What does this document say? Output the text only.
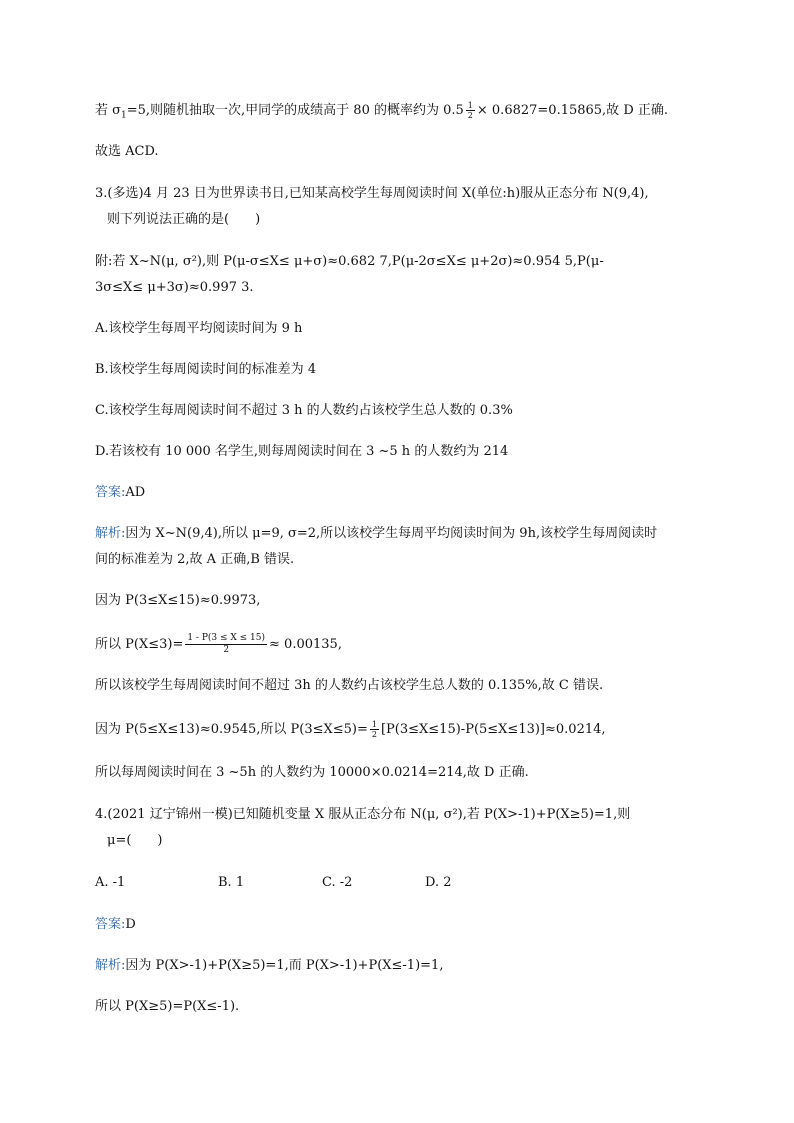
若 $\sigma_1=5$,则随机抽取一次,甲同学的成绩高于 80 的概率约为 $0.5 \frac{1}{2} \times 0.6827=0.15865$,故 D 正确.
故选 ACD.
3.(多选)4 月 23 日为世界读书日,已知某高校学生每周阅读时间 X(单位:h)服从正态分布 N(9,4),
则下列说法正确的是(　　)
附:若 X~N(μ, σ²),则 P(μ-σ≤X≤ μ+σ)≈0.682 7,P(μ-2σ≤X≤ μ+2σ)≈0.954 5,P(μ-
3σ≤X≤ μ+3σ)≈0.997 3.
A.该校学生每周平均阅读时间为 9 h
B.该校学生每周阅读时间的标准差为 4
C.该校学生每周阅读时间不超过 3 h 的人数约占该校学生总人数的 0.3%
D.若该校有 10 000 名学生,则每周阅读时间在 3 ~5 h 的人数约为 214
答案:AD
解析:因为 X~N(9,4),所以 μ=9, σ=2,所以该校学生每周平均阅读时间为 9h,该校学生每周阅读时
间的标准差为 2,故 A 正确,B 错误.
因为 P(3≤X≤15)≈0.9973,
所以 $P(X\le 3)= \frac{1 - P(3 \le X \le 15)}{2} \approx 0.00135$,
所以该校学生每周阅读时间不超过 3h 的人数约占该校学生总人数的 0.135%,故 C 错误.
因为 P(5≤X≤13)≈0.9545,所以 $P(3\le X\le 5)= \frac{1}{2} [P(3\le X\le 15)-P(5\le X\le 13)]\approx 0.0214$,
所以每周阅读时间在 3 ~5h 的人数约为 10000×0.0214=214,故 D 正确.
4.(2021 辽宁锦州一模)已知随机变量 X 服从正态分布 N(μ, σ²),若 P(X>-1)+P(X≥5)=1,则
μ=(　　)
A. -1	B. 1	C. -2	D. 2
答案:D
解析:因为 P(X>-1)+P(X≥5)=1,而 P(X>-1)+P(X≤-1)=1,
所以 P(X≥5)=P(X≤-1).
